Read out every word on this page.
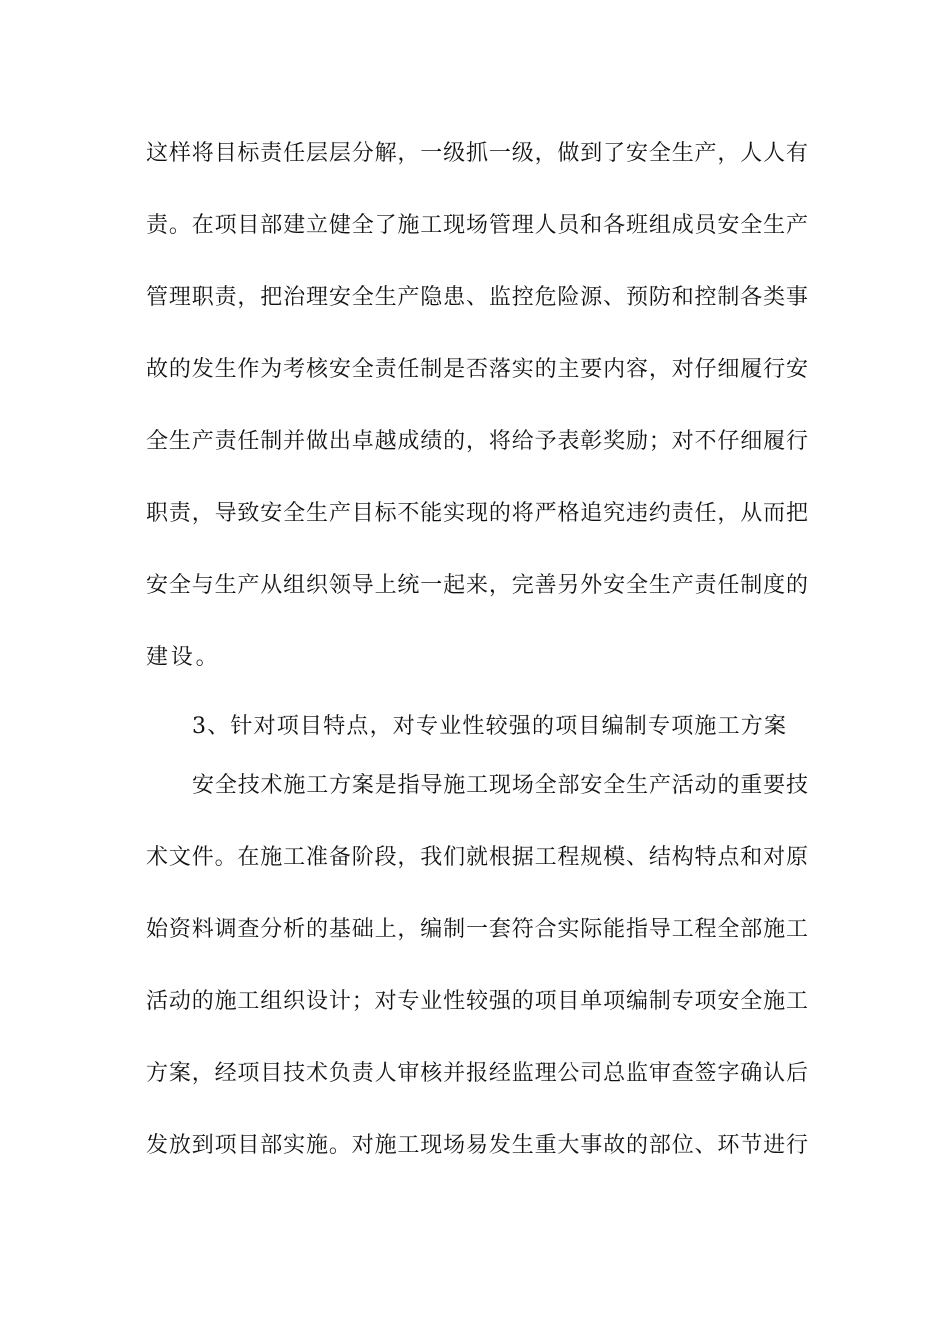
这样将目标责任层层分解，一级抓一级，做到了安全生产，人人有
责。在项目部建立健全了施工现场管理人员和各班组成员安全生产
管理职责，把治理安全生产隐患、监控危险源、预防和控制各类事
故的发生作为考核安全责任制是否落实的主要内容，对仔细履行安
全生产责任制并做出卓越成绩的，将给予表彰奖励；对不仔细履行
职责，导致安全生产目标不能实现的将严格追究违约责任，从而把
安全与生产从组织领导上统一起来，完善另外安全生产责任制度的
建设。
3、针对项目特点，对专业性较强的项目编制专项施工方案
安全技术施工方案是指导施工现场全部安全生产活动的重要技
术文件。在施工准备阶段，我们就根据工程规模、结构特点和对原
始资料调查分析的基础上，编制一套符合实际能指导工程全部施工
活动的施工组织设计；对专业性较强的项目单项编制专项安全施工
方案，经项目技术负责人审核并报经监理公司总监审查签字确认后
发放到项目部实施。对施工现场易发生重大事故的部位、环节进行
